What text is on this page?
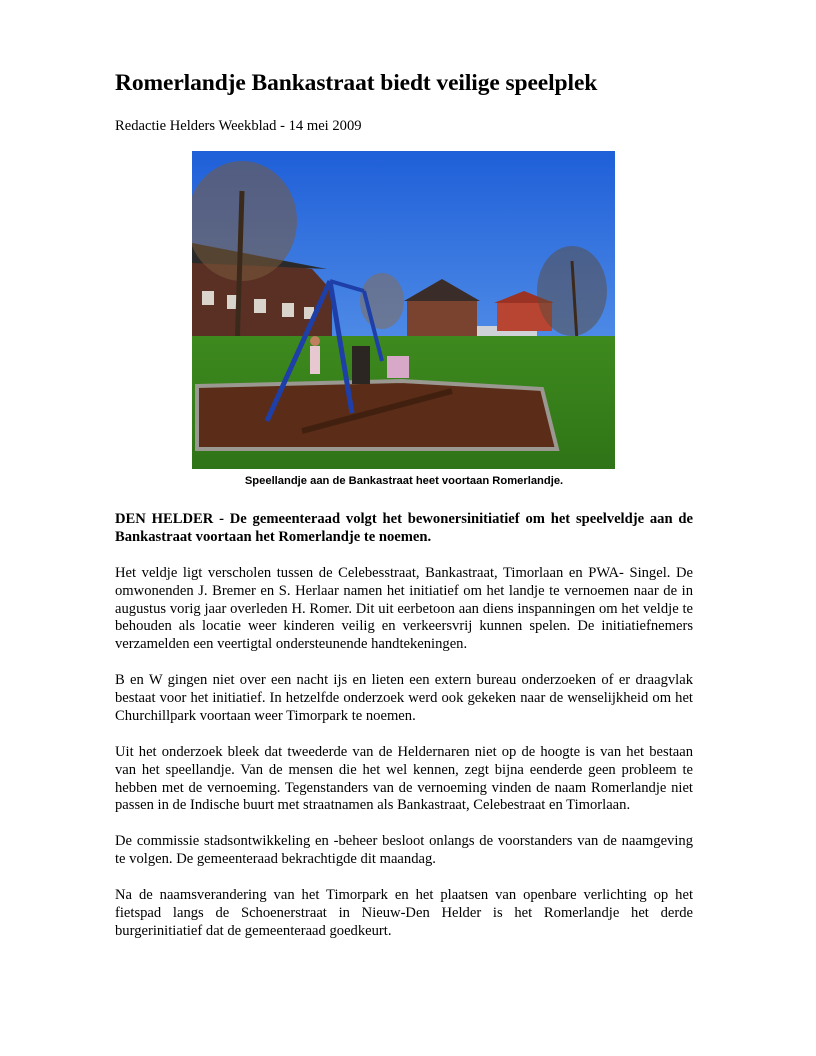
Romerlandje Bankastraat biedt veilige speelplek
Redactie Helders Weekblad - 14 mei 2009
Speellandje aan de Bankastraat heet voortaan Romerlandje.

DEN HELDER - De gemeenteraad volgt het bewonersinitiatief om het speelveldje aan de Bankastraat voortaan het Romerlandje te noemen.

Het veldje ligt verscholen tussen de Celebesstraat, Bankastraat, Timorlaan en PWA- Singel. De omwonenden J. Bremer en S. Herlaar namen het initiatief om het landje te vernoemen naar de in augustus vorig jaar overleden H. Romer. Dit uit eerbetoon aan diens inspanningen om het veldje te behouden als locatie weer kinderen veilig en verkeersvrij kunnen spelen. De initiatiefnemers verzamelden een veertigtal ondersteunende handtekeningen.

B en W gingen niet over een nacht ijs en lieten een extern bureau onderzoeken of er draagvlak bestaat voor het initiatief. In hetzelfde onderzoek werd ook gekeken naar de wenselijkheid om het Churchillpark voortaan weer Timorpark te noemen.

Uit het onderzoek bleek dat tweederde van de Heldernaren niet op de hoogte is van het bestaan van het speellandje. Van de mensen die het wel kennen, zegt bijna eenderde geen probleem te hebben met de vernoeming. Tegenstanders van de vernoeming vinden de naam Romerlandje niet passen in de Indische buurt met straatnamen als Bankastraat, Celebestraat en Timorlaan.

De commissie stadsontwikkeling en -beheer besloot onlangs de voorstanders van de naamgeving te volgen. De gemeenteraad bekrachtigde dit maandag.

Na de naamsverandering van het Timorpark en het plaatsen van openbare verlichting op het fietspad langs de Schoenerstraat in Nieuw-Den Helder is het Romerlandje het derde burgerinitiatief dat de gemeenteraad goedkeurt.
